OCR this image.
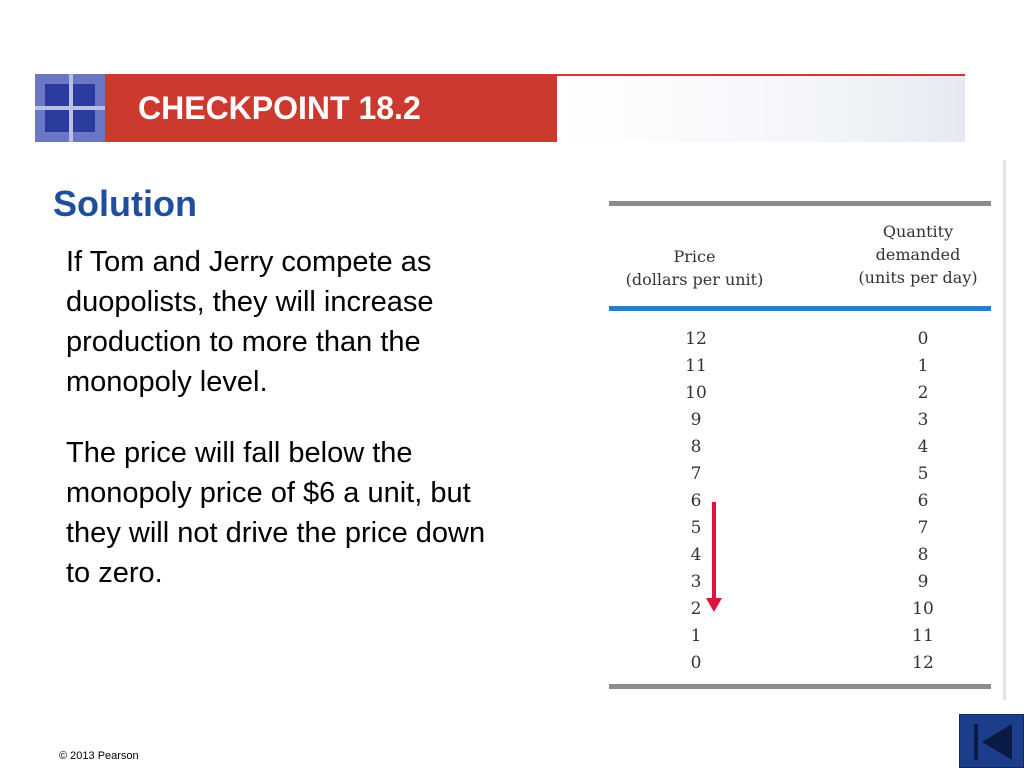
CHECKPOINT 18.2
Solution

If Tom and Jerry compete as duopolists, they will increase production to more than the monopoly level.

The price will fall below the monopoly price of $6 a unit, but they will not drive the price down to zero.

Price
(dollars per unit)
Quantity
demanded
(units per day)
12
11
10
9
8
7
6
5
4
3
2
1
0
0
1
2
3
4
5
6
7
8
9
10
11
12
© 2013 Pearson
